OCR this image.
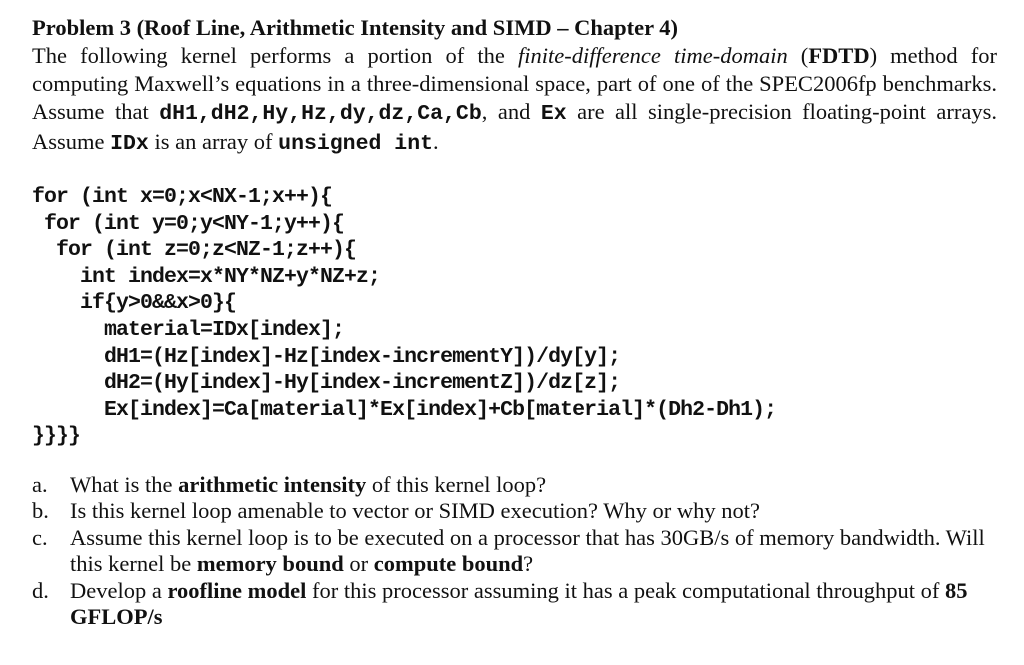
Problem 3 (Roof Line, Arithmetic Intensity and SIMD – Chapter 4)

The following kernel performs a portion of the finite-difference time-domain (FDTD) method for computing Maxwell’s equations in a three-dimensional space, part of one of the SPEC2006fp benchmarks. Assume that dH1,dH2,Hy,Hz,dy,dz,Ca,Cb, and Ex are all single-precision floating-point arrays. Assume IDx is an array of unsigned int.

for (int x=0;x<NX-1;x++){
for (int y=0;y<NY-1;y++){
for (int z=0;z<NZ-1;z++){
int index=x*NY*NZ+y*NZ+z;
if{y>0&&x>0}{
material=IDx[index];
dH1=(Hz[index]-Hz[index-incrementY])/dy[y];
dH2=(Hy[index]-Hy[index-incrementZ])/dz[z];
Ex[index]=Ca[material]*Ex[index]+Cb[material]*(Dh2-Dh1);
}}}}
a. What is the arithmetic intensity of this kernel loop?
b. Is this kernel loop amenable to vector or SIMD execution? Why or why not?
c. Assume this kernel loop is to be executed on a processor that has 30GB/s of memory bandwidth. Will this kernel be memory bound or compute bound?
d. Develop a roofline model for this processor assuming it has a peak computational throughput of 85 GFLOP/s
